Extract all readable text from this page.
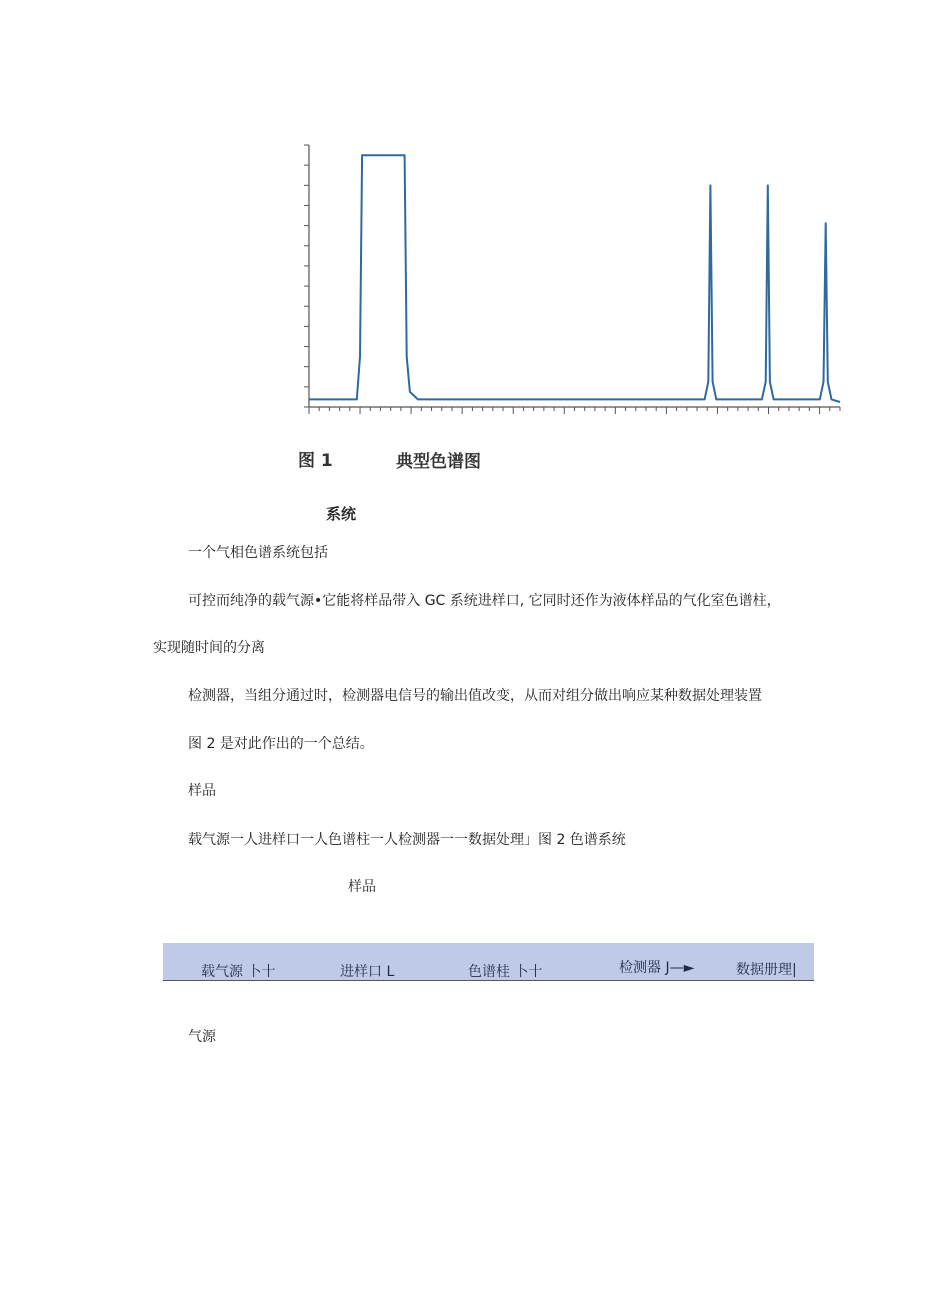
图 1	典型色谱图
系统
一个气相色谱系统包括
可控而纯净的载气源•它能将样品带入 GC 系统进样口, 它同时还作为液体样品的气化室色谱柱，
实现随时间的分离
检测器，当组分通过时，检测器电信号的输出值改变，从而对组分做出响应某种数据处理装置
图 2 是对此作出的一个总结。
样品
载气源一人进样口一人色谱柱一人检测器一一数据处理」图 2 色谱系统
样品
载气源 卜十	进样口 L	色谱桂 卜十	检测器 J—►	数据册理|
气源
